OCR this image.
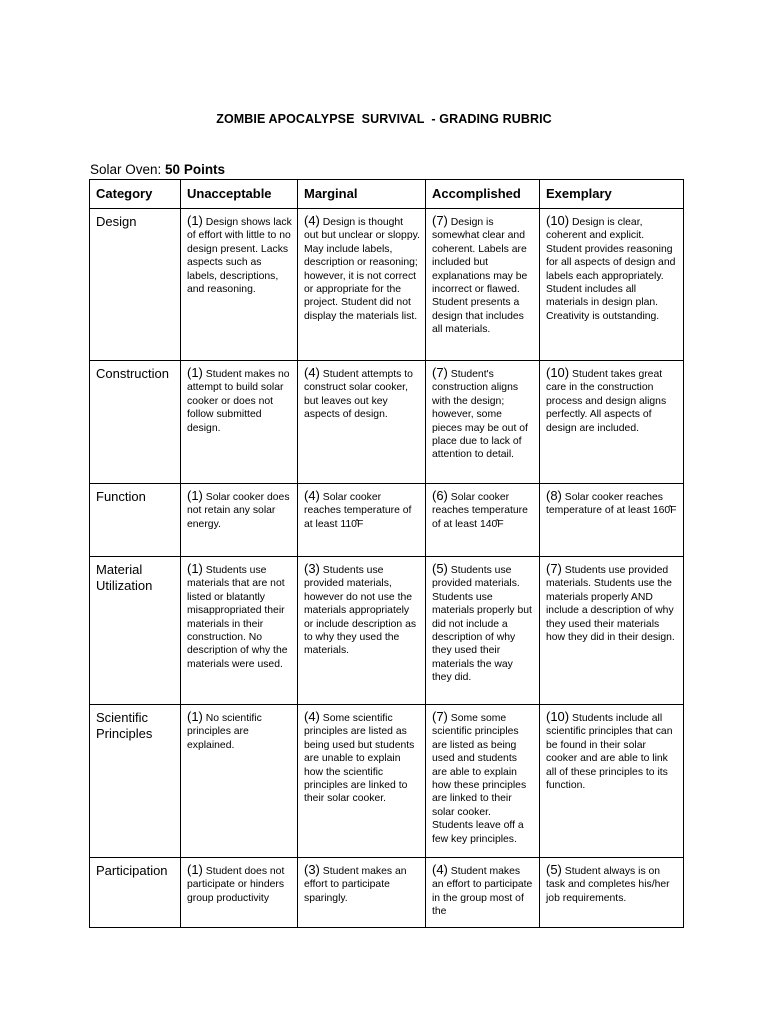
ZOMBIE APOCALYPSE  SURVIVAL  - GRADING RUBRIC
Solar Oven: 50 Points
Category	Unacceptable	Marginal	Accomplished	Exemplary
Design	(1) Design shows lack of effort with little to no design present. Lacks aspects such as labels, descriptions, and reasoning.	(4) Design is thought out but unclear or sloppy. May include labels, description or reasoning; however, it is not correct or appropriate for the project. Student did not display the materials list.	(7) Design is somewhat clear and coherent. Labels are included but explanations may be incorrect or flawed. Student presents a design that includes all materials.	(10) Design is clear, coherent and explicit. Student provides reasoning for all aspects of design and labels each appropriately. Student includes all materials in design plan. Creativity is outstanding.
Construction	(1) Student makes no attempt to build solar cooker or does not follow submitted design.	(4) Student attempts to construct solar cooker, but leaves out key aspects of design.	(7) Student's construction aligns with the design; however, some pieces may be out of place due to lack of attention to detail.	(10) Student takes great care in the construction process and design aligns perfectly. All aspects of design are included.
Function	(1) Solar cooker does not retain any solar energy.	(4) Solar cooker reaches temperature of at least 110̊F	(6) Solar cooker reaches temperature of at least 140̊F	(8) Solar cooker reaches temperature of at least 160̊F
Material Utilization	(1) Students use materials that are not listed or blatantly misappropriated their materials in their construction. No description of why the materials were used.	(3) Students use provided materials, however do not use the materials appropriately or include description as to why they used the materials.	(5) Students use provided materials. Students use materials properly but did not include a description of why they used their materials the way they did.	(7) Students use provided materials. Students use the materials properly AND include a description of why they used their materials how they did in their design.
Scientific Principles	(1) No scientific principles are explained.	(4) Some scientific principles are listed as being used but students are unable to explain how the scientific principles are linked to their solar cooker.	(7) Some some scientific principles are listed as being used and students are able to explain how these principles are linked to their solar cooker. Students leave off a few key principles.	(10) Students include all scientific principles that can be found in their solar cooker and are able to link all of these principles to its function.
Participation	(1) Student does not participate or hinders group productivity	(3) Student makes an effort to participate sparingly.	(4) Student makes an effort to participate in the group most of the	(5) Student always is on task and completes his/her job requirements.
